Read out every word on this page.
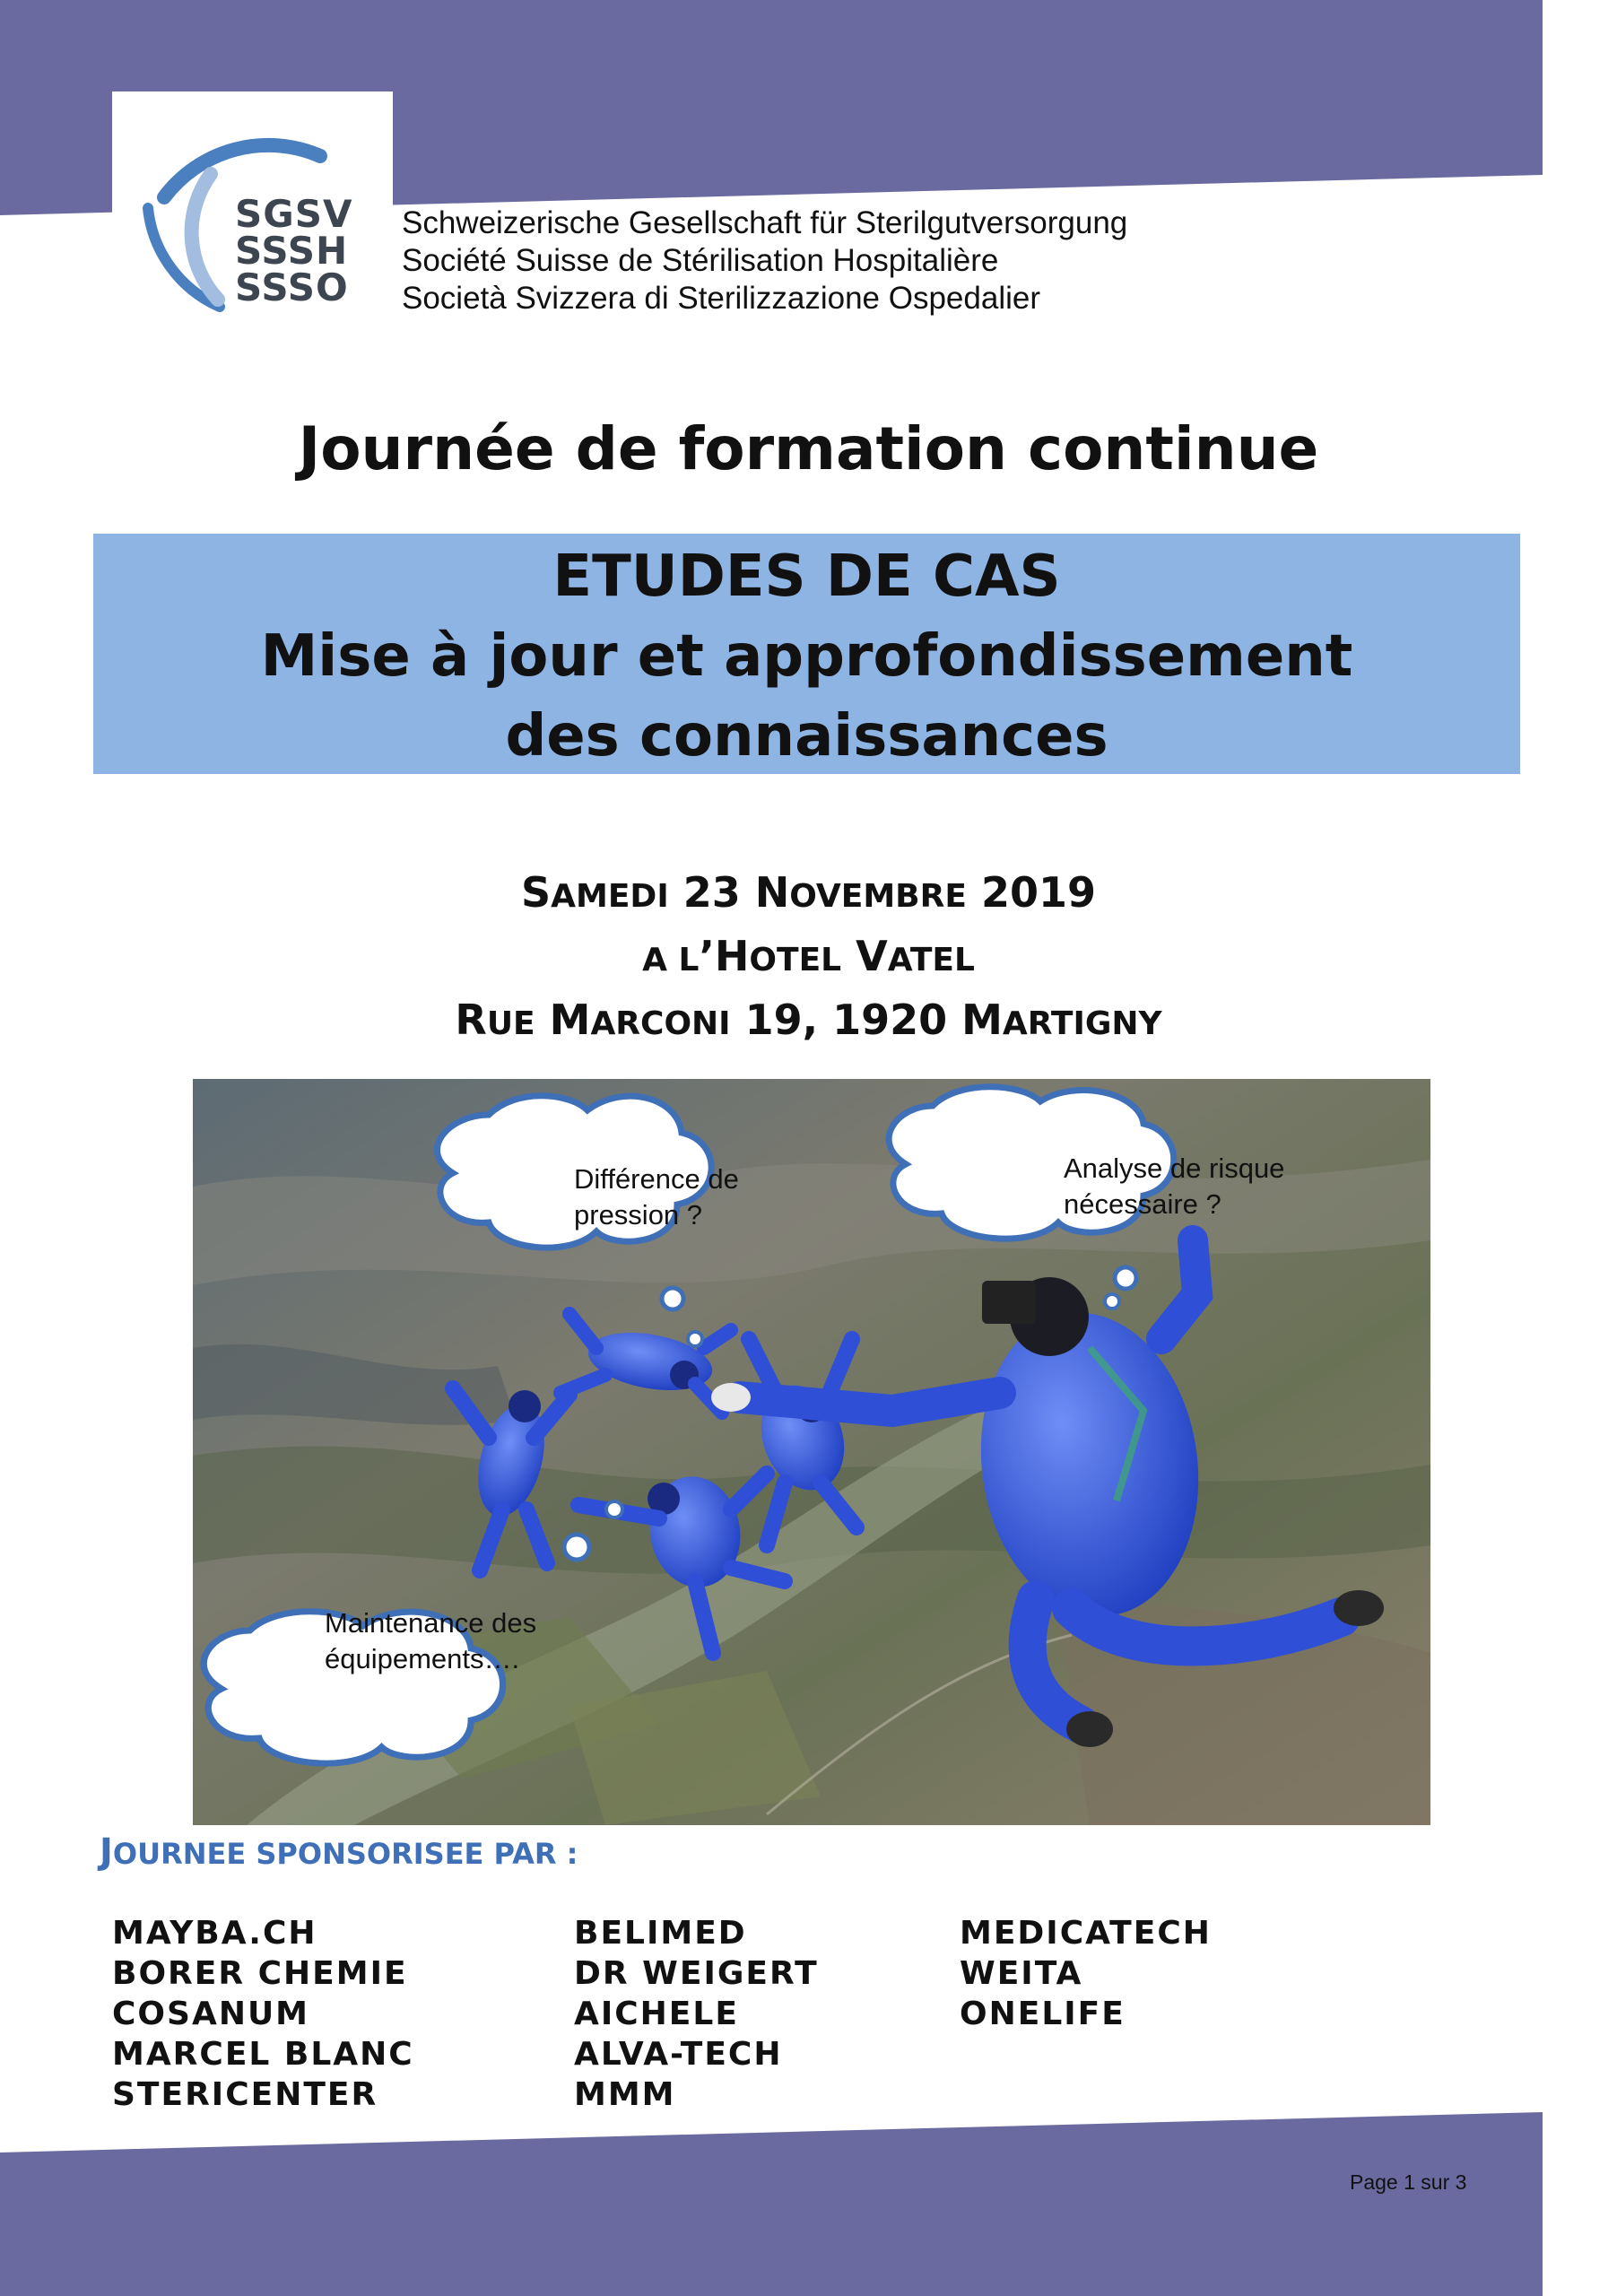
SGSV
SSSH
SSSO
Schweizerische Gesellschaft für Sterilgutversorgung
Société Suisse de Stérilisation Hospitalière
Società Svizzera di Sterilizzazione Ospedalier
Journée de formation continue
ETUDES DE CAS
Mise à jour et approfondissement
des connaissances
SAMEDI 23 NOVEMBRE 2019
A L’HOTEL VATEL
RUE MARCONI 19, 1920 MARTIGNY
Différence de
pression ?
Analyse de risque
nécessaire ?
Maintenance des
équipements….
JOURNEE SPONSORISEE PAR :
MAYBA.CH
BORER CHEMIE
COSANUM
MARCEL BLANC
STERICENTER
BELIMED
DR WEIGERT
AICHELE
ALVA-TECH
MMM
MEDICATECH
WEITA
ONELIFE
Page 1 sur 3
